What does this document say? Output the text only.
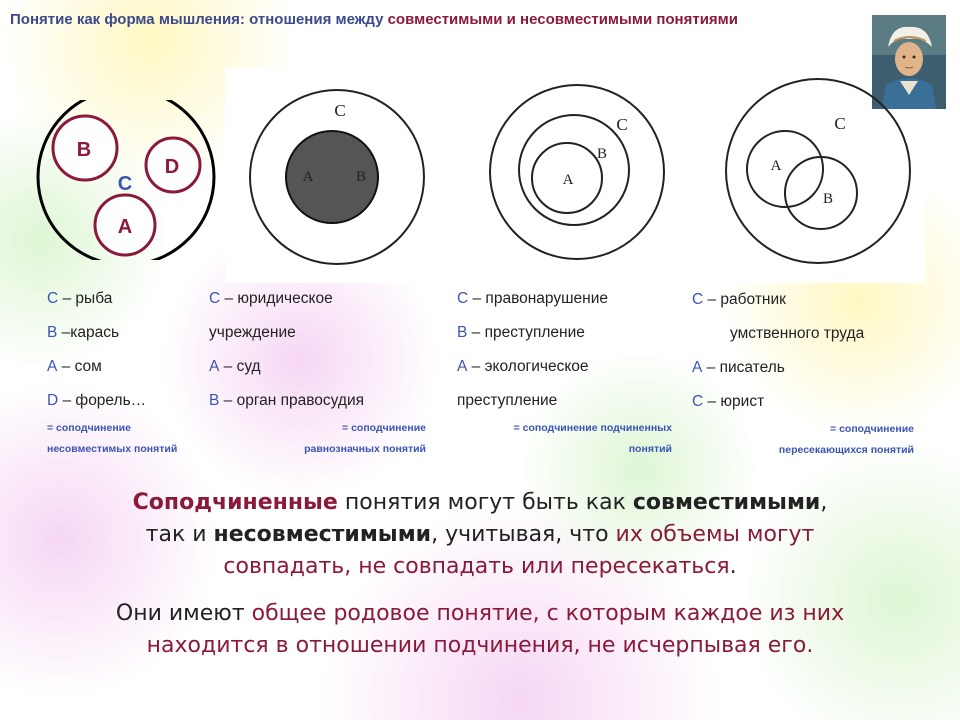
Понятие как форма мышления: отношения между совместимыми и несовместимыми понятиями
B
D
C
A
C
A	B
C
B
A
C
A
B
С – рыба
В –карась
А – сом
D – форель…
= соподчинение
несовместимых понятий
С – юридическое
учреждение
А – суд
В – орган правосудия
= соподчинение
равнозначных понятий
С – правонарушение
В – преступление
А – экологическое
преступление
= соподчинение подчиненных
понятий
С – работник
умственного труда
А – писатель
С – юрист
= соподчинение
пересекающихся понятий
Соподчиненные понятия могут быть как совместимыми,
так и несовместимыми, учитывая, что их объемы могут
совпадать, не совпадать или пересекаться.
Они имеют общее родовое понятие, с которым каждое из них
находится в отношении подчинения, не исчерпывая его.
